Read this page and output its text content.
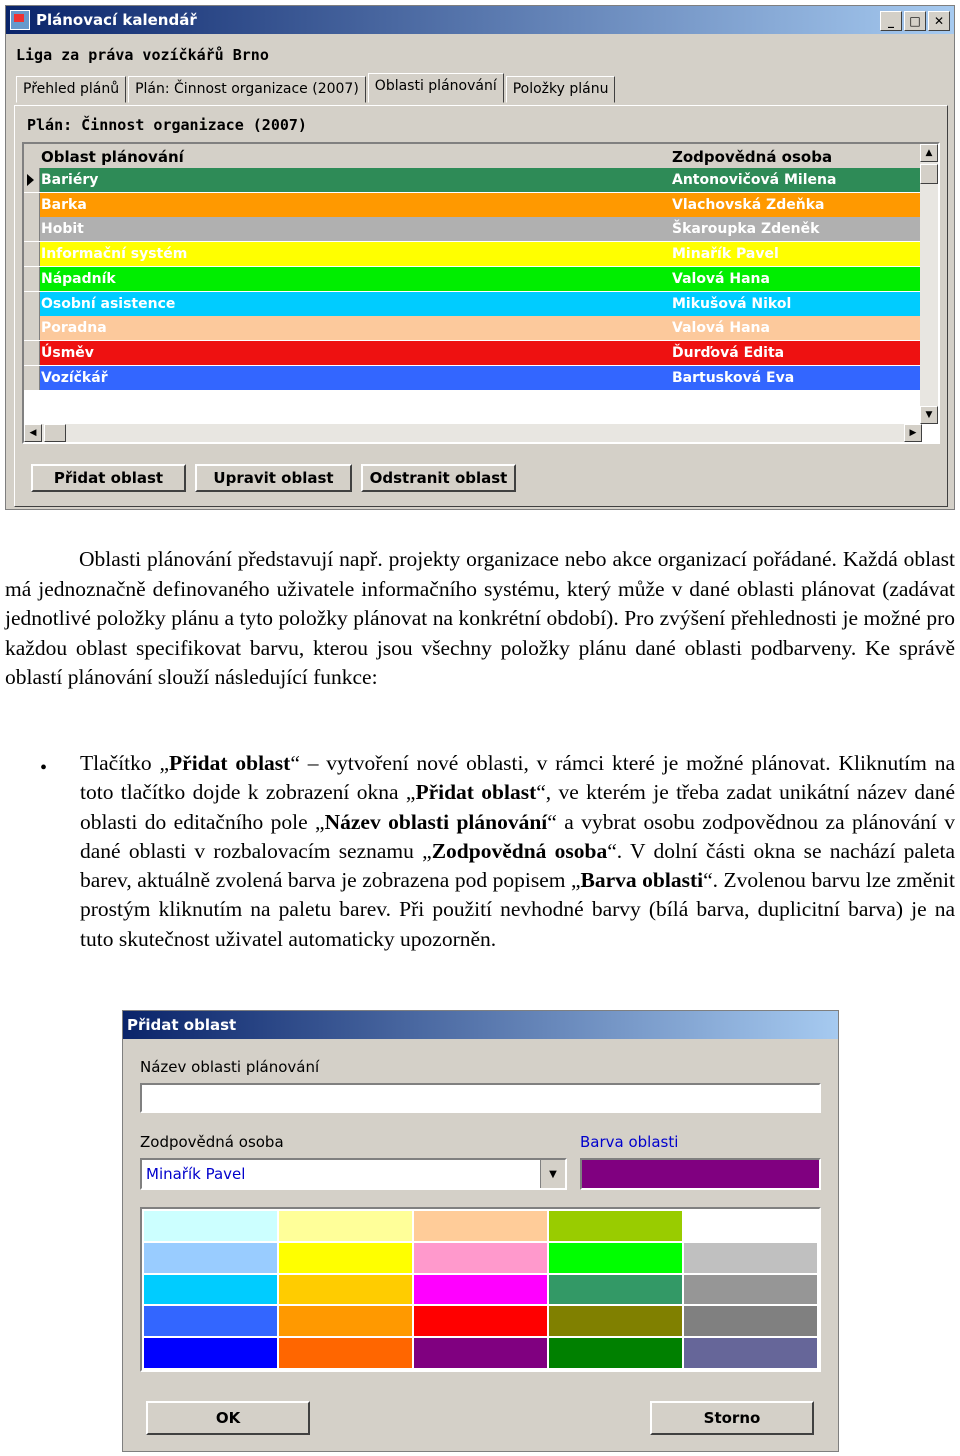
Plánovací kalendář	_	□	✕
Liga za práva vozíčkářů Brno
Přehled plánů	Plán: Činnost organizace (2007)	Oblasti plánování	Položky plánu
Plán: Činnost organizace (2007)
Oblast plánování	Zodpovědná osoba
Bariéry	Antonovičová Milena
Barka	Vlachovská Zdeňka
Hobit	Škaroupka Zdeněk
Informační systém	Minařík Pavel
Nápadník	Valová Hana
Osobní asistence	Mikušová Nikol
Poradna	Valová Hana
Úsměv	Ďurďová Edita
Vozíčkář	Bartusková Eva
▲
▼
◀	▶
Přidat oblast	Upravit oblast	Odstranit oblast
Oblasti plánování představují např. projekty organizace nebo akce organizací pořádané. Každá oblast má jednoznačně definovaného uživatele informačního systému, který může v dané oblasti plánovat (zadávat jednotlivé položky plánu a tyto položky plánovat na konkrétní období). Pro zvýšení přehlednosti je možné pro každou oblast specifikovat barvu, kterou jsou všechny položky plánu dané oblasti podbarveny. Ke správě oblastí plánování slouží následující funkce:
• Tlačítko „Přidat oblast“ – vytvoření nové oblasti, v rámci které je možné plánovat. Kliknutím na toto tlačítko dojde k zobrazení okna „Přidat oblast“, ve kterém je třeba zadat unikátní název dané oblasti do editačního pole „Název oblasti plánování“ a vybrat osobu zodpovědnou za plánování v dané oblasti v rozbalovacím seznamu „Zodpovědná osoba“. V dolní části okna se nachází paleta barev, aktuálně zvolená barva je zobrazena pod popisem „Barva oblasti“. Zvolenou barvu lze změnit prostým kliknutím na paletu barev. Při použití nevhodné barvy (bílá barva, duplicitní barva) je na tuto skutečnost uživatel automaticky upozorněn.
Přidat oblast
Název oblasti plánování
Zodpovědná osoba
Minařík Pavel	▼
Barva oblasti
OK	Storno
